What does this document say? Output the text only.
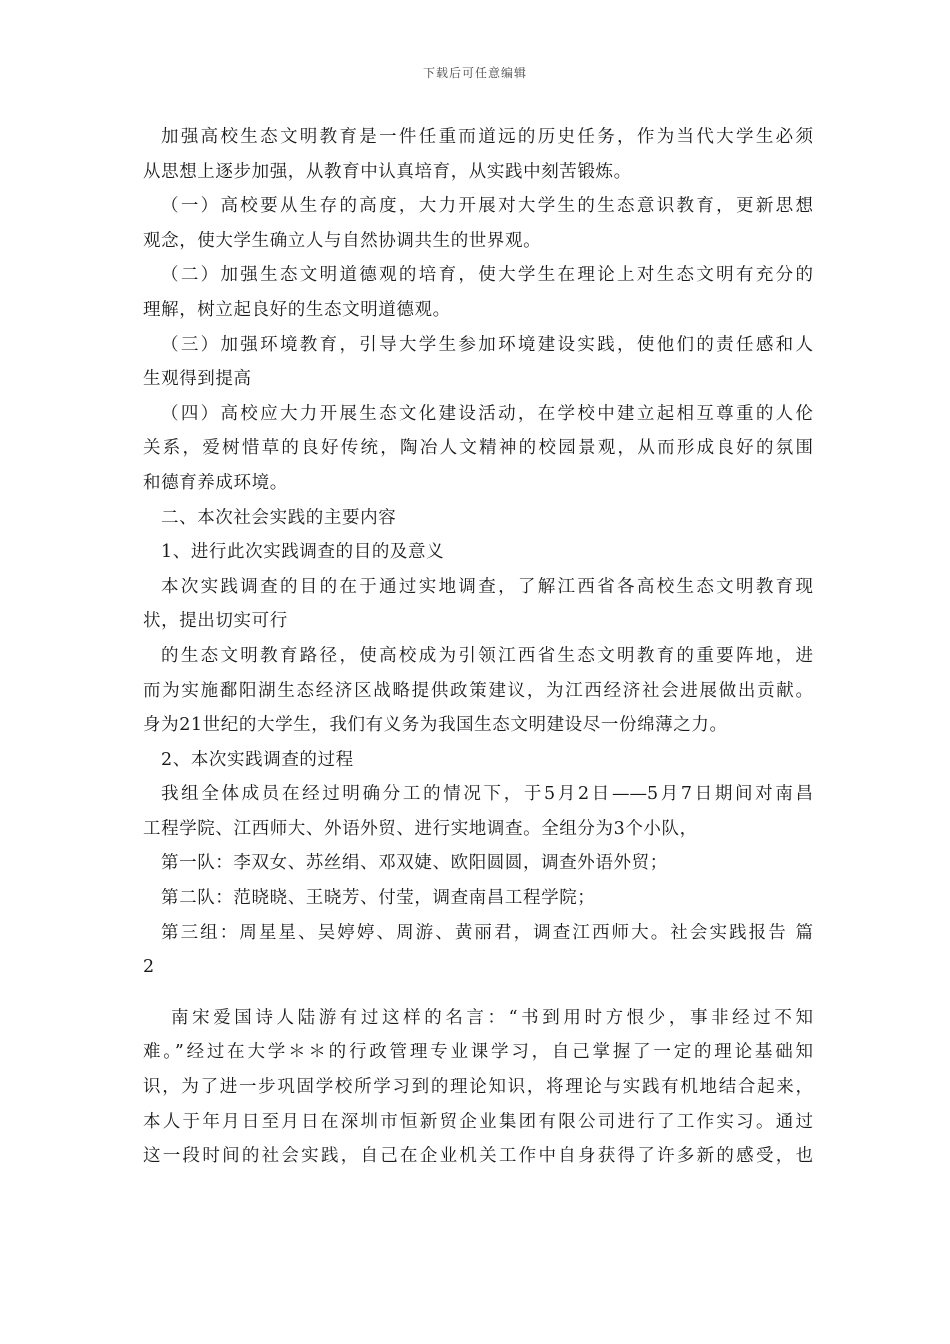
下载后可任意编辑
加强高校生态文明教育是一件任重而道远的历史任务，作为当代大学生必须
从思想上逐步加强，从教育中认真培育，从实践中刻苦锻炼。
（一）高校要从生存的高度，大力开展对大学生的生态意识教育，更新思想
观念，使大学生确立人与自然协调共生的世界观。
（二）加强生态文明道德观的培育，使大学生在理论上对生态文明有充分的
理解，树立起良好的生态文明道德观。
（三）加强环境教育，引导大学生参加环境建设实践，使他们的责任感和人
生观得到提高
（四）高校应大力开展生态文化建设活动，在学校中建立起相互尊重的人伦
关系，爱树惜草的良好传统，陶冶人文精神的校园景观，从而形成良好的氛围
和德育养成环境。
二、本次社会实践的主要内容
1、进行此次实践调查的目的及意义
本次实践调查的目的在于通过实地调查，了解江西省各高校生态文明教育现
状，提出切实可行
的生态文明教育路径，使高校成为引领江西省生态文明教育的重要阵地，进
而为实施鄱阳湖生态经济区战略提供政策建议，为江西经济社会进展做出贡献。
身为21世纪的大学生，我们有义务为我国生态文明建设尽一份绵薄之力。
2、本次实践调查的过程
我组全体成员在经过明确分工的情况下，于5月2日——5月7日期间对南昌
工程学院、江西师大、外语外贸、进行实地调查。全组分为3个小队，
第一队：李双女、苏丝绢、邓双婕、欧阳圆圆，调查外语外贸；
第二队：范晓晓、王晓芳、付莹，调查南昌工程学院；
第三组：周星星、吴婷婷、周游、黄丽君，调查江西师大。社会实践报告 篇
2
南宋爱国诗人陆游有过这样的名言：“书到用时方恨少，事非经过不知
难。”经过在大学＊＊的行政管理专业课学习，自己掌握了一定的理论基础知
识，为了进一步巩固学校所学习到的理论知识，将理论与实践有机地结合起来，
本人于年月日至月日在深圳市恒新贸企业集团有限公司进行了工作实习。通过
这一段时间的社会实践，自己在企业机关工作中自身获得了许多新的感受，也
